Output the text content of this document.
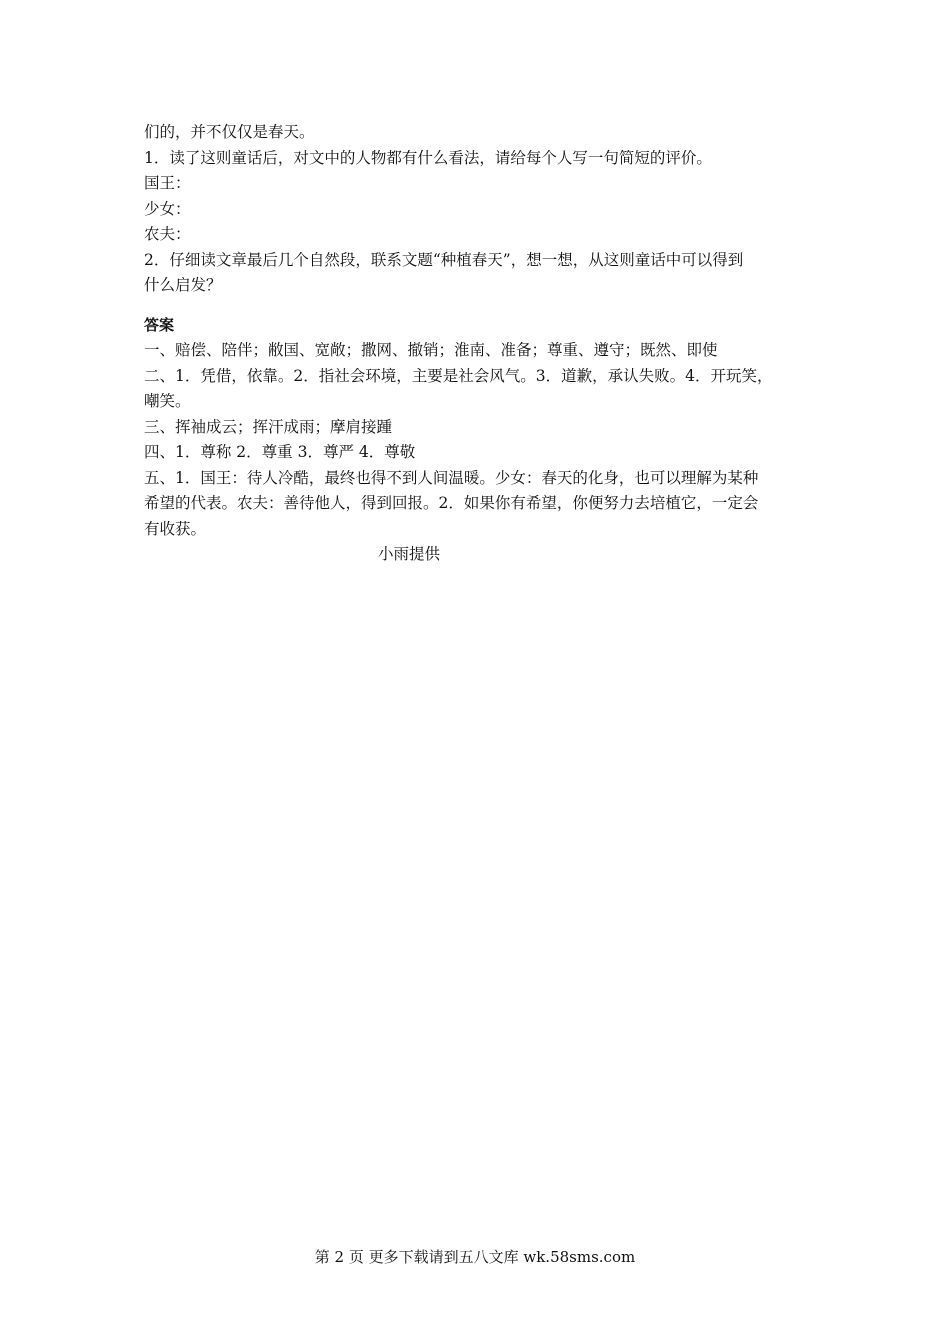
们的，并不仅仅是春天。

1．读了这则童话后，对文中的人物都有什么看法，请给每个人写一句简短的评价。

国王：

少女：

农夫：

2．仔细读文章最后几个自然段，联系文题“种植春天”，想一想，从这则童话中可以得到

什么启发？

答案

一、赔偿、陪伴；敝国、宽敞；撒网、撤销；淮南、准备；尊重、遵守；既然、即使

二、1．凭借，依靠。2．指社会环境，主要是社会风气。3．道歉，承认失败。4．开玩笑，

嘲笑。

三、挥袖成云；挥汗成雨；摩肩接踵

四、1．尊称 2．尊重 3．尊严 4．尊敬

五、1．国王：待人冷酷，最终也得不到人间温暖。少女：春天的化身，也可以理解为某种

希望的代表。农夫：善待他人，得到回报。2．如果你有希望，你便努力去培植它，一定会

有收获。

小雨提供

第 2 页 更多下载请到五八文库 wk.58sms.com
